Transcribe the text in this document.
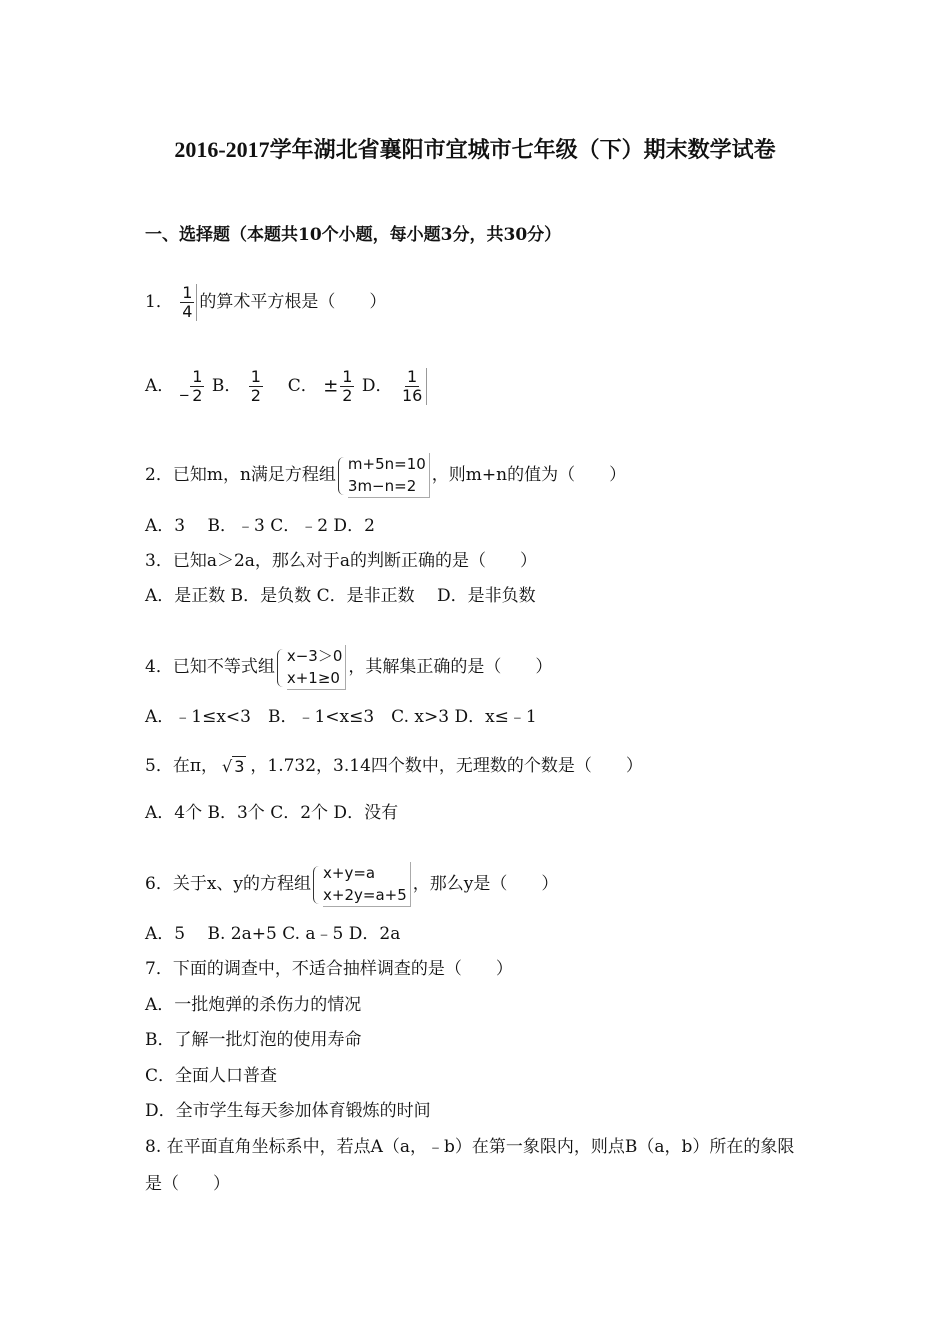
2016-2017学年湖北省襄阳市宜城市七年级（下）期末数学试卷
一、选择题（本题共10个小题，每小题3分，共30分）
1． $\frac{1}{4}$ 的算术平方根是（　　）
A． _ $\frac{1}{2}$ B． $\frac{1}{2}$ C． ± $\frac{1}{2}$ D． $\frac{1}{16}$
2．已知m，n满足方程组
m+5n=10
3m−n=2
，则m+n的值为（　　）
A．3　 B．﹣3 C．﹣2 D．2
3．已知a＞2a，那么对于a的判断正确的是（　　）
A．是正数 B．是负数 C．是非正数 　D．是非负数
4．已知不等式组
x−3＞0
x+1≥0
，其解集正确的是（　　）
A．﹣1≤x<3　B．﹣1<x≤3　C. x>3 D．x≤﹣1
5．在π， √ 3 ，1.732，3.14四个数中，无理数的个数是（　　）
A．4个 B．3个 C．2个 D．没有
6．关于x、y的方程组
x+y=a
x+2y=a+5
，那么y是（　　）
A．5　 B. 2a+5 C. a﹣5 D．2a
7．下面的调查中，不适合抽样调查的是（　　）
A．一批炮弹的杀伤力的情况
B．了解一批灯泡的使用寿命
C．全面人口普查
D．全市学生每天参加体育锻炼的时间
8. 在平面直角坐标系中，若点A（a，﹣b）在第一象限内，则点B（a，b）所在的象限
是（　　）
